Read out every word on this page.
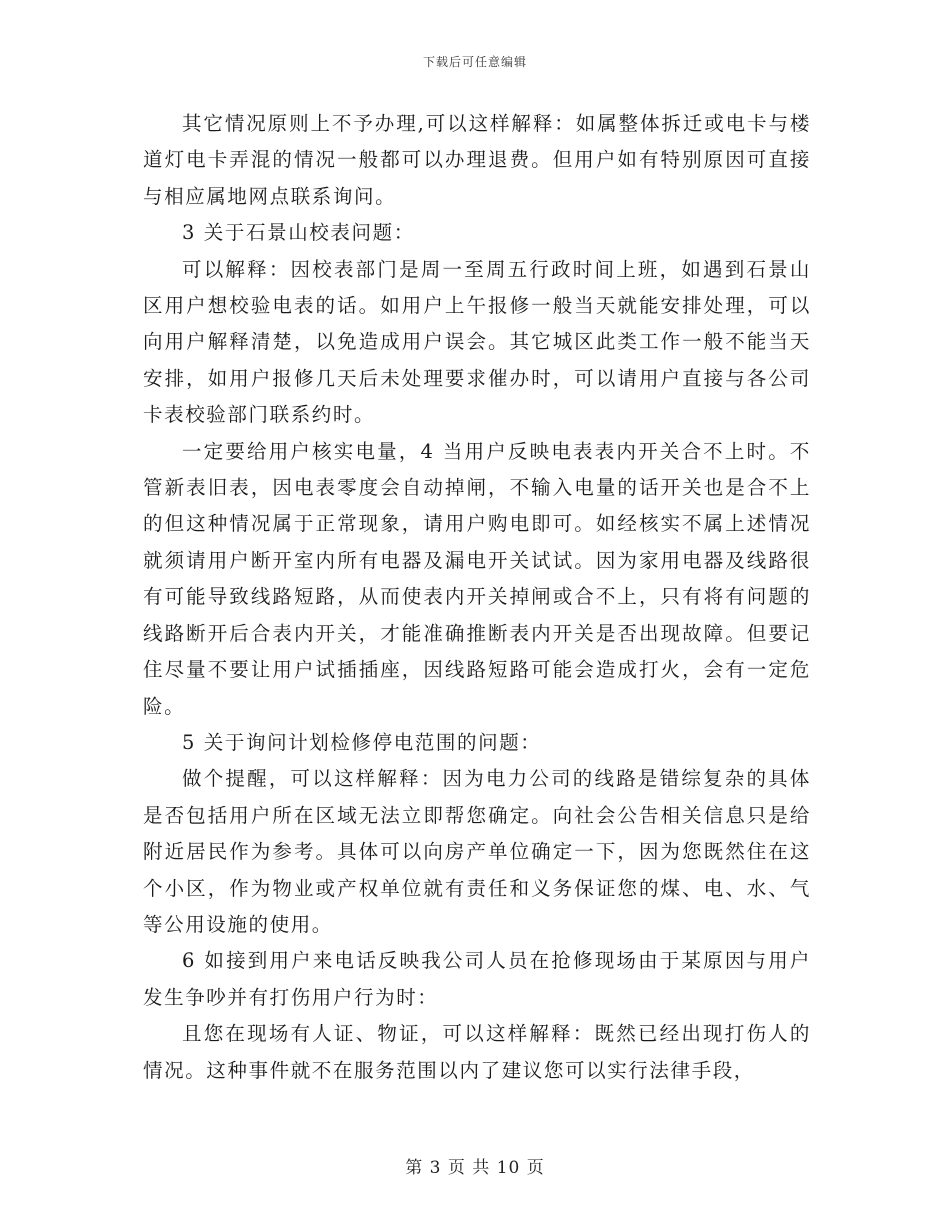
下载后可任意编辑

其它情况原则上不予办理,可以这样解释：如属整体拆迁或电卡与楼道灯电卡弄混的情况一般都可以办理退费。但用户如有特别原因可直接与相应属地网点联系询问。

3 关于石景山校表问题：

可以解释：因校表部门是周一至周五行政时间上班，如遇到石景山区用户想校验电表的话。如用户上午报修一般当天就能安排处理，可以向用户解释清楚，以免造成用户误会。其它城区此类工作一般不能当天安排，如用户报修几天后未处理要求催办时，可以请用户直接与各公司卡表校验部门联系约时。

一定要给用户核实电量，4 当用户反映电表表内开关合不上时。不管新表旧表，因电表零度会自动掉闸，不输入电量的话开关也是合不上的但这种情况属于正常现象，请用户购电即可。如经核实不属上述情况就须请用户断开室内所有电器及漏电开关试试。因为家用电器及线路很有可能导致线路短路，从而使表内开关掉闸或合不上，只有将有问题的线路断开后合表内开关，才能准确推断表内开关是否出现故障。但要记住尽量不要让用户试插插座，因线路短路可能会造成打火，会有一定危险。

5 关于询问计划检修停电范围的问题：

做个提醒，可以这样解释：因为电力公司的线路是错综复杂的具体是否包括用户所在区域无法立即帮您确定。向社会公告相关信息只是给附近居民作为参考。具体可以向房产单位确定一下，因为您既然住在这个小区，作为物业或产权单位就有责任和义务保证您的煤、电、水、气等公用设施的使用。

6 如接到用户来电话反映我公司人员在抢修现场由于某原因与用户发生争吵并有打伤用户行为时：

且您在现场有人证、物证，可以这样解释：既然已经出现打伤人的情况。这种事件就不在服务范围以内了建议您可以实行法律手段，

第 3 页 共 10 页
